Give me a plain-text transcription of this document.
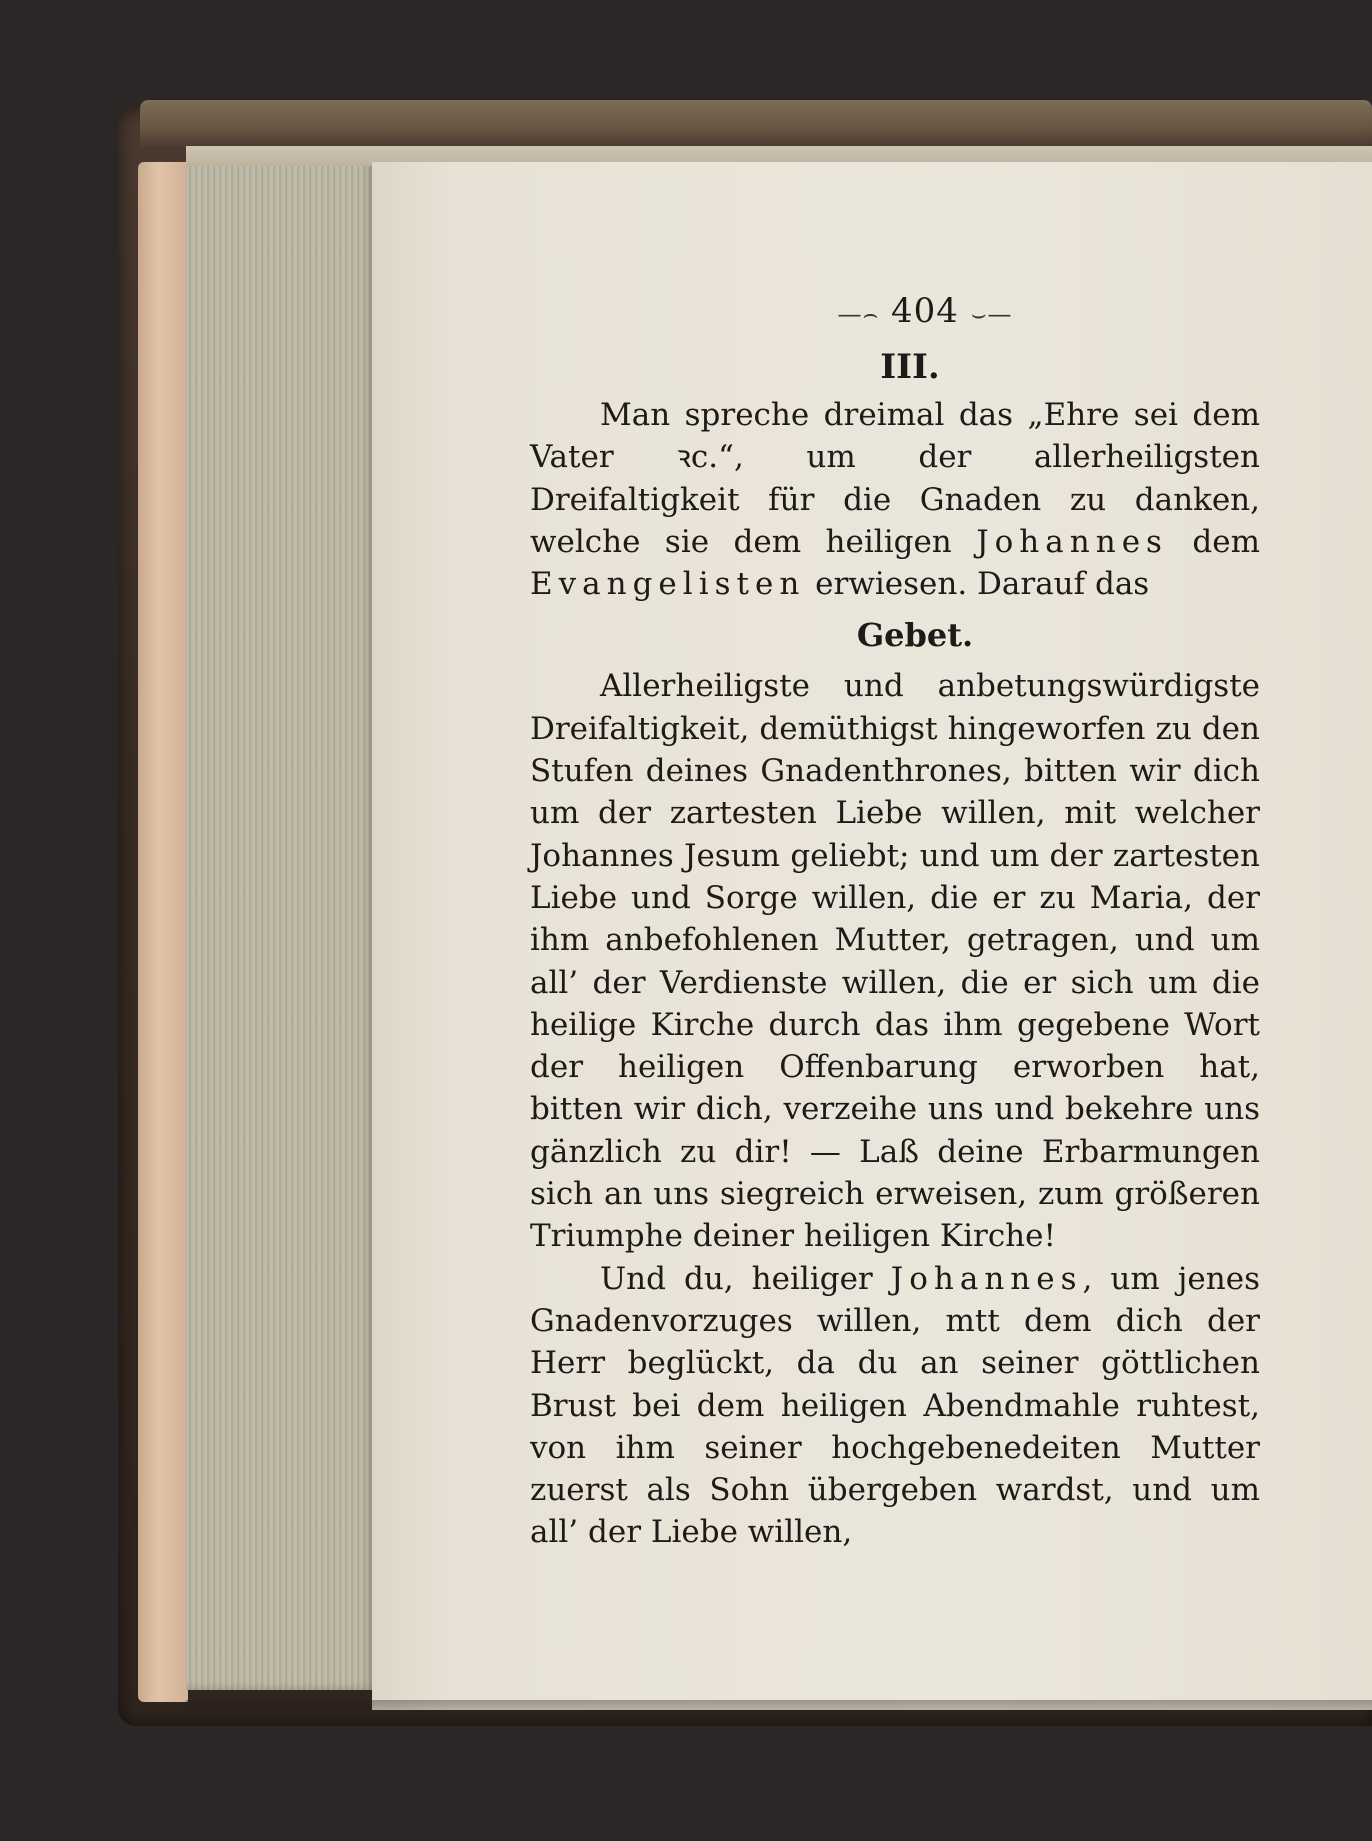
—⌢ 404 ⌣—
III.

Man spreche dreimal das „Ehre sei dem Vater ꝛc.“, um der allerheiligsten Dreifaltigkeit für die Gnaden zu danken, welche sie dem heiligen Johannes dem Evangelisten erwiesen. Darauf das

Gebet.

Allerheiligste und anbetungswürdigste Dreifaltigkeit, demüthigst hingeworfen zu den Stufen deines Gnadenthrones, bitten wir dich um der zartesten Liebe willen, mit welcher Johannes Jesum geliebt; und um der zartesten Liebe und Sorge willen, die er zu Maria, der ihm anbefohlenen Mutter, getragen, und um all’ der Verdienste willen, die er sich um die heilige Kirche durch das ihm gegebene Wort der heiligen Offenbarung erworben hat, bitten wir dich, verzeihe uns und bekehre uns gänzlich zu dir! — Laß deine Erbarmungen sich an uns siegreich erweisen, zum größeren Triumphe deiner heiligen Kirche!

Und du, heiliger Johannes, um jenes Gnadenvorzuges willen, mtt dem dich der Herr beglückt, da du an seiner göttlichen Brust bei dem heiligen Abendmahle ruhtest, von ihm seiner hochgebenedeiten Mutter zuerst als Sohn übergeben wardst, und um all’ der Liebe willen,
